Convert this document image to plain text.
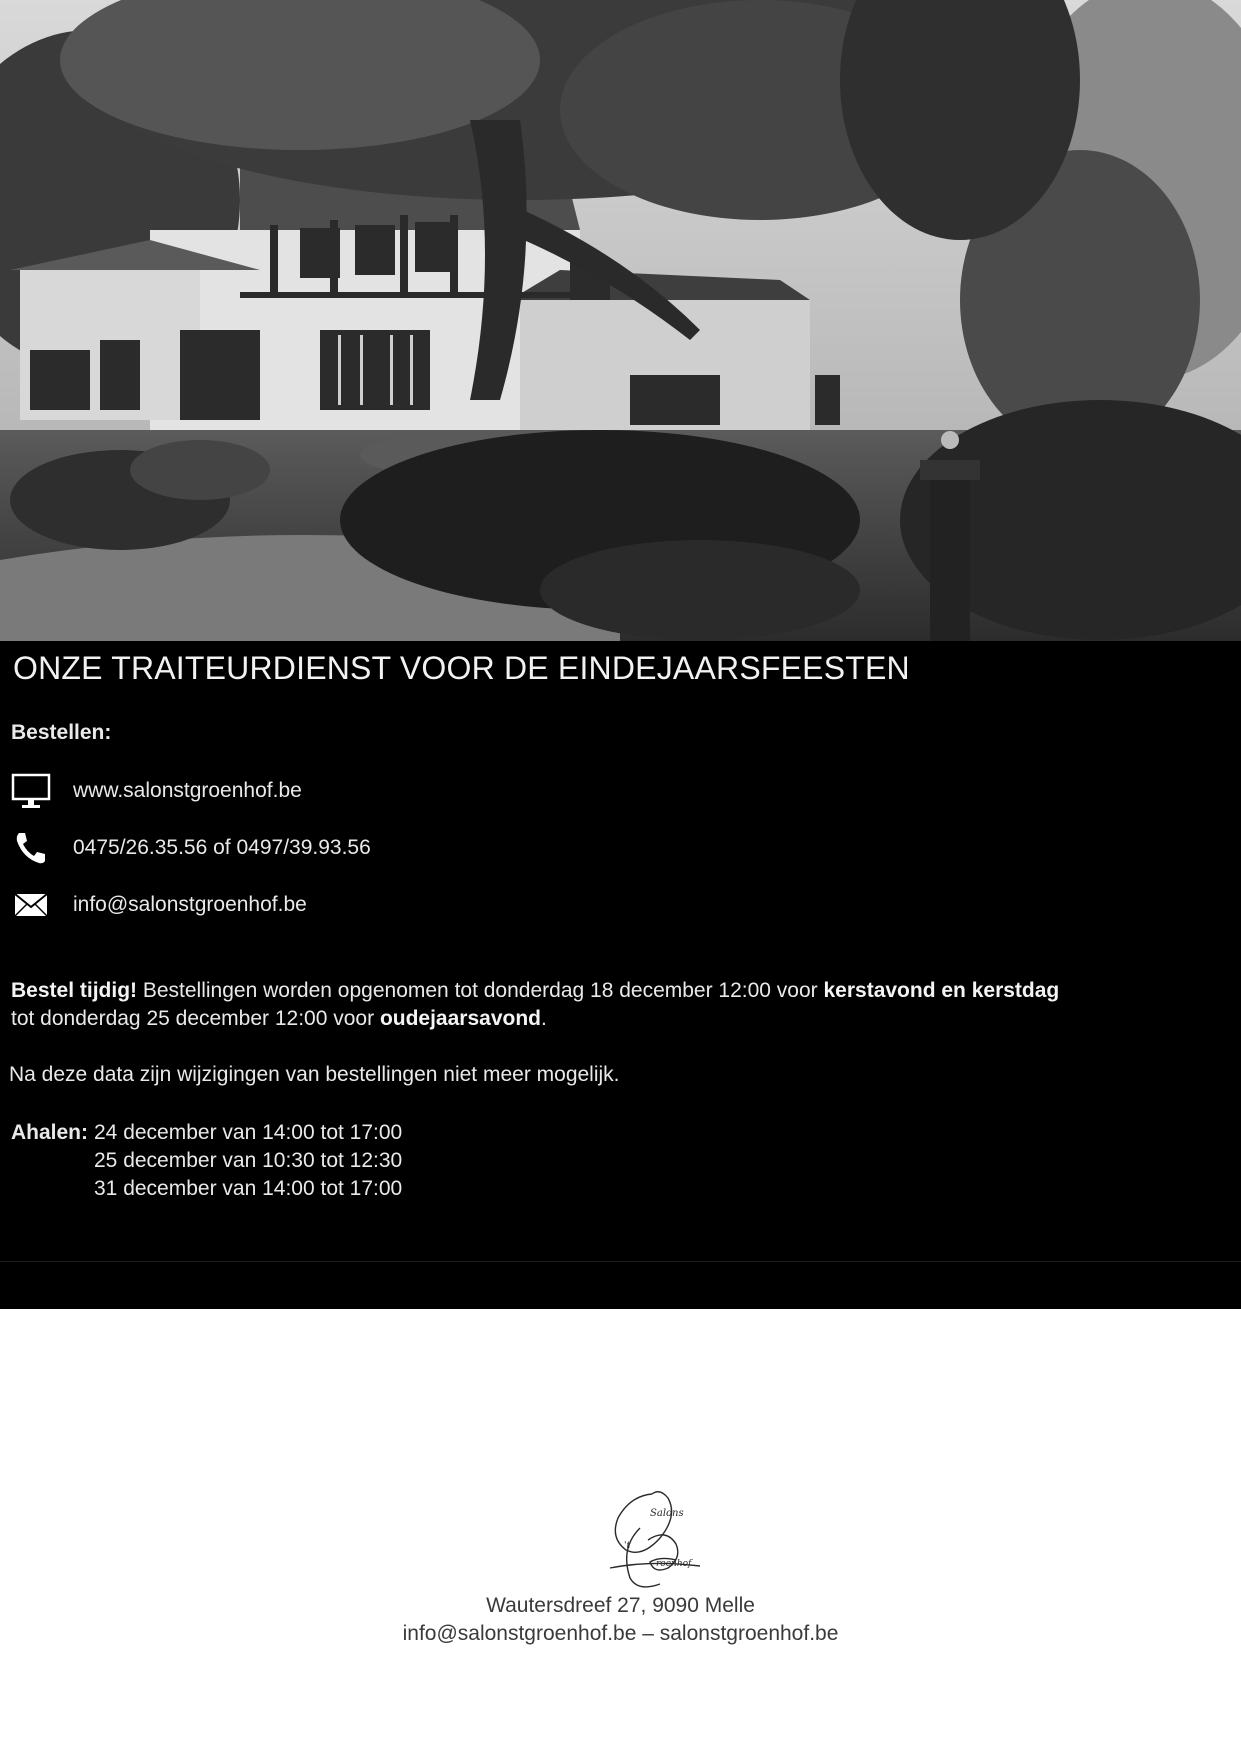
ONZE TRAITEURDIENST VOOR DE EINDEJAARSFEESTEN
Bestellen:
www.salonstgroenhof.be
0475/26.35.56 of 0497/39.93.56
info@salonstgroenhof.be
Bestel tijdig! Bestellingen worden opgenomen tot donderdag 18 december 12:00 voor kerstavond en kerstdag
tot donderdag 25 december 12:00 voor oudejaarsavond.
Na deze data zijn wijzigingen van bestellingen niet meer mogelijk.
Ahalen: 24 december van 14:00 tot 17:00
25 december van 10:30 tot 12:30
31 december van 14:00 tot 17:00
Salons
't
roenhof
Wautersdreef 27, 9090 Melle
info@salonstgroenhof.be – salonstgroenhof.be
